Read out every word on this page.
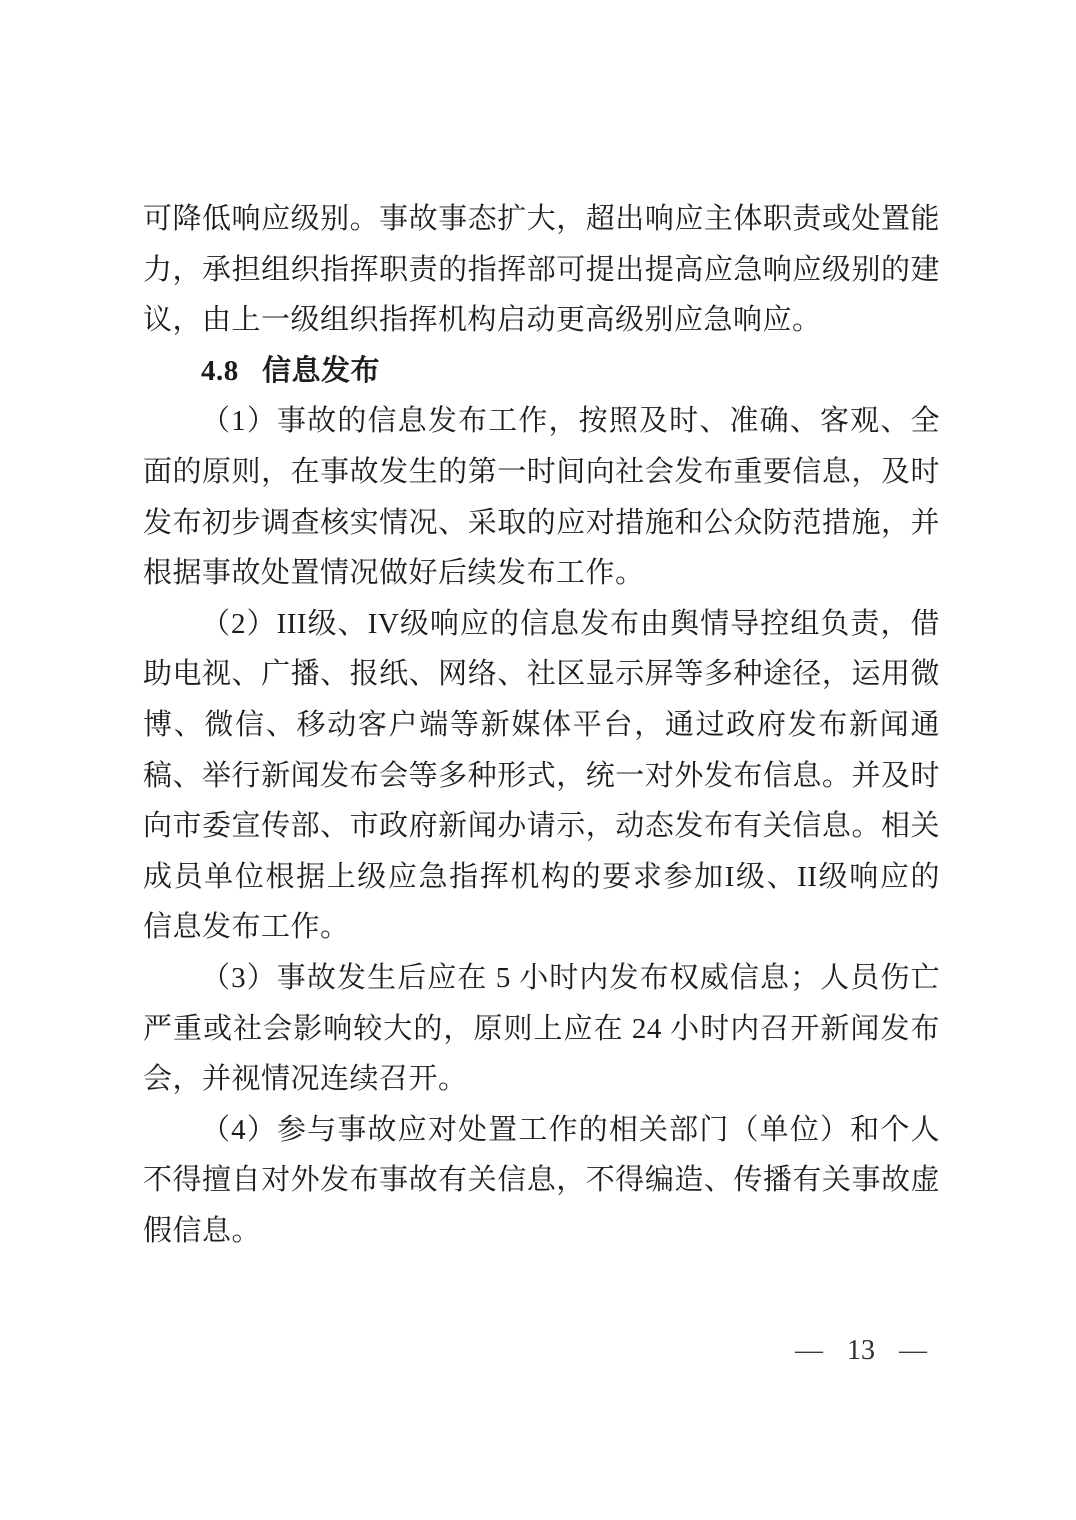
可降低响应级别。事故事态扩大，超出响应主体职责或处置能力，承担组织指挥职责的指挥部可提出提高应急响应级别的建议，由上一级组织指挥机构启动更高级别应急响应。

4.8 信息发布

（1）事故的信息发布工作，按照及时、准确、客观、全面的原则，在事故发生的第一时间向社会发布重要信息，及时发布初步调查核实情况、采取的应对措施和公众防范措施，并根据事故处置情况做好后续发布工作。

（2）III级、IV级响应的信息发布由舆情导控组负责，借助电视、广播、报纸、网络、社区显示屏等多种途径，运用微博、微信、移动客户端等新媒体平台，通过政府发布新闻通稿、举行新闻发布会等多种形式，统一对外发布信息。并及时向市委宣传部、市政府新闻办请示，动态发布有关信息。相关成员单位根据上级应急指挥机构的要求参加I级、II级响应的信息发布工作。

（3）事故发生后应在 5 小时内发布权威信息；人员伤亡严重或社会影响较大的，原则上应在 24 小时内召开新闻发布会，并视情况连续召开。

（4）参与事故应对处置工作的相关部门（单位）和个人不得擅自对外发布事故有关信息，不得编造、传播有关事故虚假信息。

— 13 —
